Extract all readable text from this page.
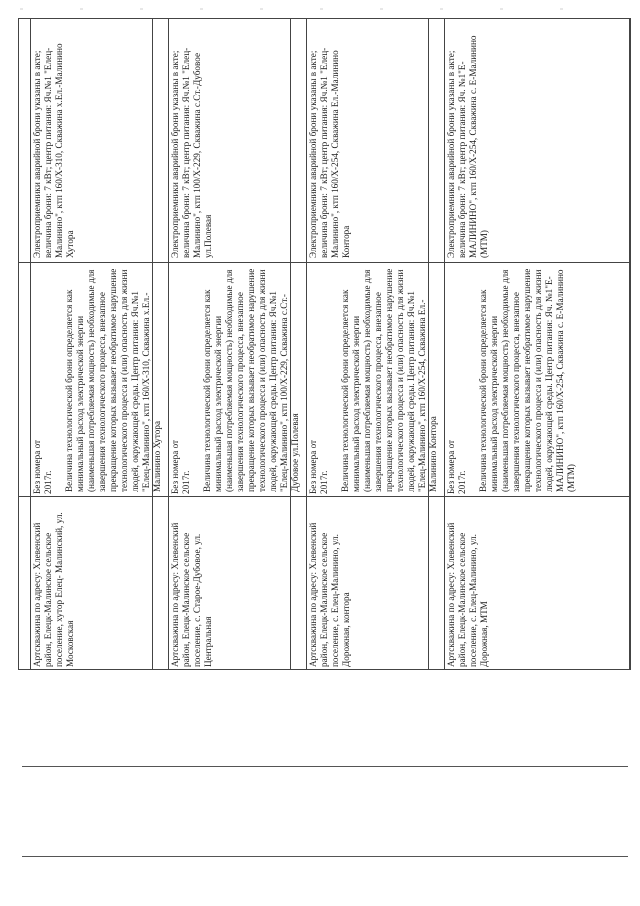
Артскважина по адресу: Хлевенский район, Елецк-Малинское сельское поселение, хутор Елец- Малинский, ул. Московская
Без номера от 2017г. Величина технологической брони определяется как минимальный расход электрической энергии (наименьшая потребляемая мощность) необходимые для завершения технологического процесса, внезапное прекращение которых вызывает необратимое нарушение технологического процесса и (или) опасность для жизни людей, окружающей среды. Центр питания: Яч.№1 "Елец-Малинино", ктп 160/Х-310, Скважина х.Ел.-Малинино Хутора
Электроприемники аварийной брони указаны в акте; величина брони: 7 кВт; центр питания: Яч.№1 "Елец- Малинино", ктп 160/Х-310, Скважина х.Ел.-Малинино Хутора
Артскважина по адресу: Хлевенский район, Елецк-Малинское сельское поселение, с. Старое-Дубовое, ул. Центральная
Без номера от 2017г. Величина технологической брони определяется как минимальный расход электрической энергии (наименьшая потребляемая мощность) необходимые для завершения технологического процесса, внезапное прекращение которых вызывает необратимое нарушение технологического процесса и (или) опасность для жизни людей, окружающей среды. Центр питания: Яч.№1 "Елец-Малинино", ктп 100/Х-229, Скважина с.Ст.-Дубовое ул.Полевая
Электроприемники аварийной брони указаны в акте; величина брони: 7 кВт; центр питания: Яч.№1 "Елец- Малинино", ктп 100/Х-229, Скважина с.Ст.-Дубовое ул.Полевая
Артскважина по адресу: Хлевенский район, Елецк-Малинское сельское поселение, с. Елец-Малинино, ул. Дорожная, контора
Без номера от 2017г. Величина технологической брони определяется как минимальный расход электрической энергии (наименьшая потребляемая мощность) необходимые для завершения технологического процесса, внезапное прекращение которых вызывает необратимое нарушение технологического процесса и (или) опасность для жизни людей, окружающей среды. Центр питания: Яч.№1 "Елец-Малинино", ктп 160/Х-254, Скважина Ел.-Малинино Контора
Электроприемники аварийной брони указаны в акте; величина брони: 7 кВт; центр питания: Яч.№1 "Елец- Малинино", ктп 160/Х-254, Скважина Ел.-Малинино Контора
Артскважина по адресу: Хлевенский район, Елецк-Малинское сельское поселение, с. Елец-Малинино, ул. Дорожная, МТМ
Без номера от 2017г. Величина технологической брони определяется как минимальный расход электрической энергии (наименьшая потребляемая мощность) необходимые для завершения технологического процесса, внезапное прекращение которых вызывает необратимое нарушение технологического процесса и (или) опасность для жизни людей, окружающей среды. Центр питания: Яч. №1"Е-МАЛИНИНО", ктп 160/Х-254, Скважина с. Е-Малинино (МТМ)
Электроприемники аварийной брони указаны в акте; величина брони: 7 кВт; центр питания: Яч. №1"Е- МАЛИНИНО", ктп 160/Х-254, Скважина с. Е-Малинино (МТМ)
